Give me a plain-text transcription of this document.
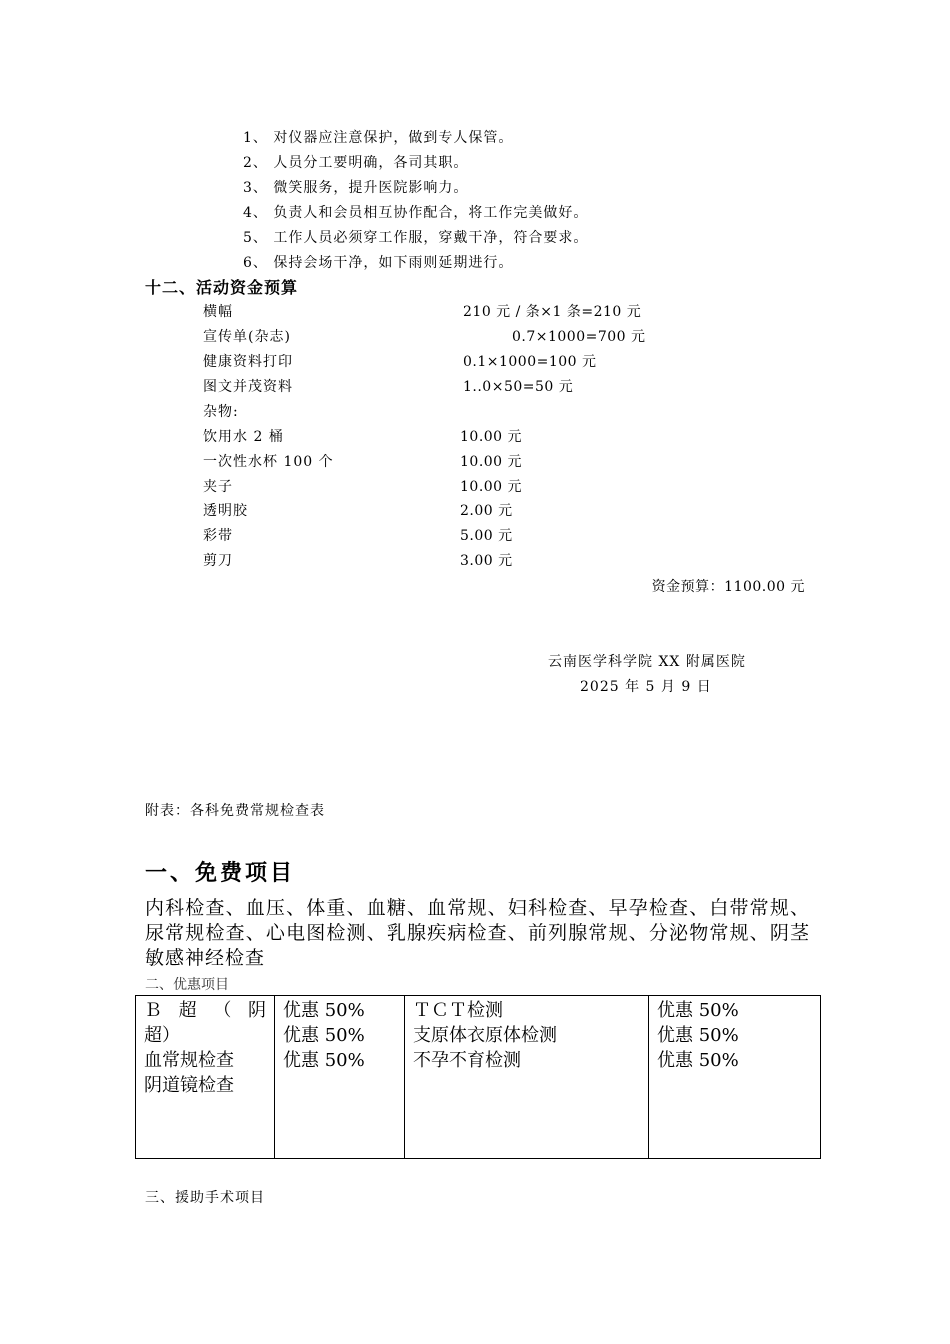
1、 对仪器应注意保护，做到专人保管。
2、 人员分工要明确，各司其职。
3、 微笑服务，提升医院影响力。
4、 负责人和会员相互协作配合，将工作完美做好。
5、 工作人员必须穿工作服，穿戴干净，符合要求。
6、 保持会场干净，如下雨则延期进行。
十二、活动资金预算
横幅	210 元 / 条×1 条=210 元
宣传单(杂志)	0.7×1000=700 元
健康资料打印	0.1×1000=100 元
图文并茂资料	1..0×50=50 元
杂物:
饮用水 2 桶	10.00 元
一次性水杯 100 个	10.00 元
夹子	10.00 元
透明胶	2.00 元
彩带	5.00 元
剪刀	3.00 元
资金预算：1100.00 元
云南医学科学院 XX 附属医院
2025 年 5 月 9 日
附表：各科免费常规检查表
一、免费项目
内科检查、血压、体重、血糖、血常规、妇科检查、早孕检查、白带常规、尿常规检查、心电图检测、乳腺疾病检查、前列腺常规、分泌物常规、阴茎敏感神经检查
二、优惠项目
Ｂ 超 （ 阴
超）
血常规检查
阴道镜检查

优惠 50%
优惠 50%
优惠 50%

ＴＣＴ检测
支原体衣原体检测
不孕不育检测

优惠 50%
优惠 50%
优惠 50%
三、援助手术项目
